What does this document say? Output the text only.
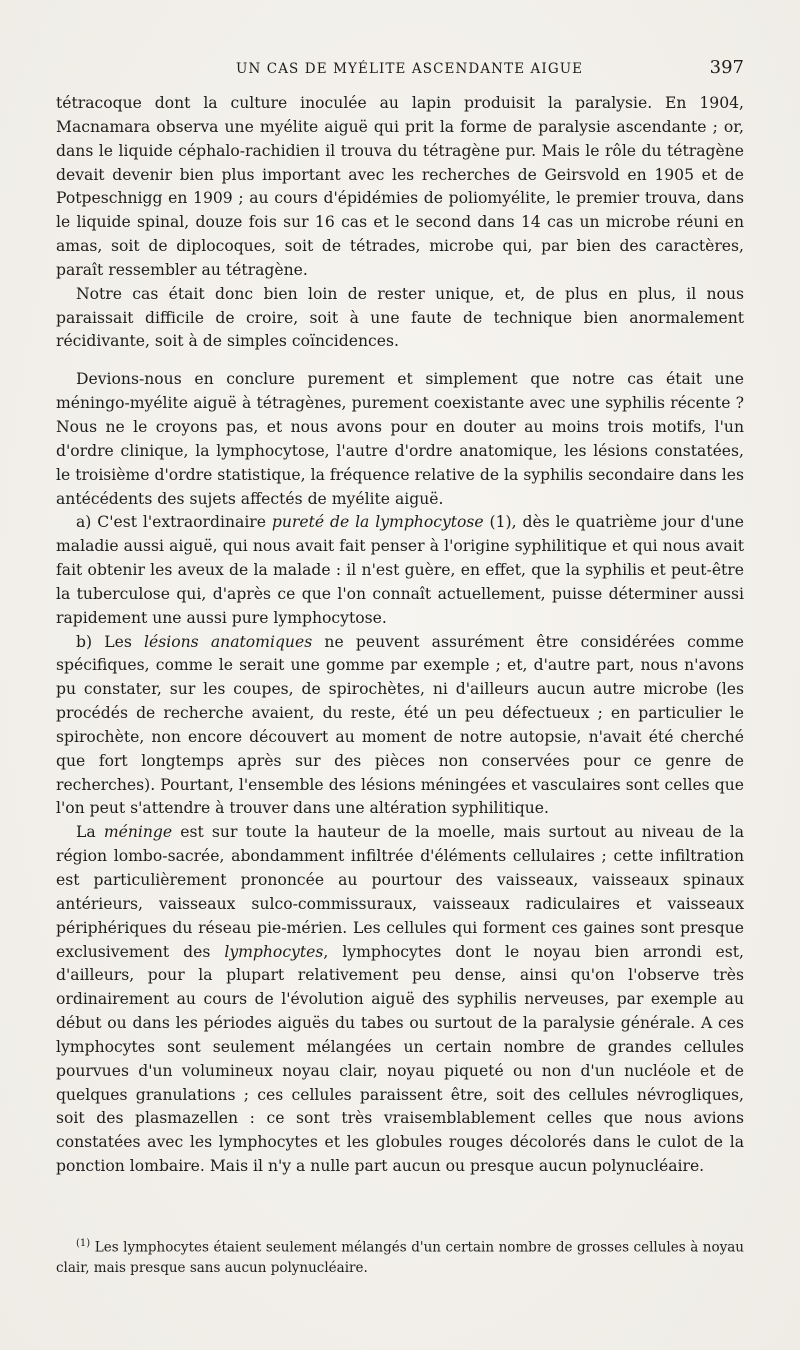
UN CAS DE MYÉLITE ASCENDANTE AIGUE	397

tétracoque dont la culture inoculée au lapin produisit la paralysie. En 1904, Macnamara observa une myélite aiguë qui prit la forme de paralysie ascendante ; or, dans le liquide céphalo-rachidien il trouva du tétragène pur. Mais le rôle du tétragène devait devenir bien plus important avec les recherches de Geirsvold en 1905 et de Potpeschnigg en 1909 ; au cours d'épidémies de poliomyélite, le premier trouva, dans le liquide spinal, douze fois sur 16 cas et le second dans 14 cas un microbe réuni en amas, soit de diplocoques, soit de tétrades, microbe qui, par bien des caractères, paraît ressembler au tétragène.

Notre cas était donc bien loin de rester unique, et, de plus en plus, il nous paraissait difficile de croire, soit à une faute de technique bien anormalement récidivante, soit à de simples coïncidences.

Devions-nous en conclure purement et simplement que notre cas était une méningo-myélite aiguë à tétragènes, purement coexistante avec une syphilis récente ? Nous ne le croyons pas, et nous avons pour en douter au moins trois motifs, l'un d'ordre clinique, la lymphocytose, l'autre d'ordre anatomique, les lésions constatées, le troisième d'ordre statistique, la fréquence relative de la syphilis secondaire dans les antécédents des sujets affectés de myélite aiguë.

a) C'est l'extraordinaire pureté de la lymphocytose (1), dès le quatrième jour d'une maladie aussi aiguë, qui nous avait fait penser à l'origine syphilitique et qui nous avait fait obtenir les aveux de la malade : il n'est guère, en effet, que la syphilis et peut-être la tuberculose qui, d'après ce que l'on connaît actuellement, puisse déterminer aussi rapidement une aussi pure lymphocytose.

b) Les lésions anatomiques ne peuvent assurément être considérées comme spécifiques, comme le serait une gomme par exemple ; et, d'autre part, nous n'avons pu constater, sur les coupes, de spirochètes, ni d'ailleurs aucun autre microbe (les procédés de recherche avaient, du reste, été un peu défectueux ; en particulier le spirochète, non encore découvert au moment de notre autopsie, n'avait été cherché que fort longtemps après sur des pièces non conservées pour ce genre de recherches). Pourtant, l'ensemble des lésions méningées et vasculaires sont celles que l'on peut s'attendre à trouver dans une altération syphilitique.

La méninge est sur toute la hauteur de la moelle, mais surtout au niveau de la région lombo-sacrée, abondamment infiltrée d'éléments cellulaires ; cette infiltration est particulièrement prononcée au pourtour des vaisseaux, vaisseaux spinaux antérieurs, vaisseaux sulco-commissuraux, vaisseaux radiculaires et vaisseaux périphériques du réseau pie-mérien. Les cellules qui forment ces gaines sont presque exclusivement des lymphocytes, lymphocytes dont le noyau bien arrondi est, d'ailleurs, pour la plupart relativement peu dense, ainsi qu'on l'observe très ordinairement au cours de l'évolution aiguë des syphilis nerveuses, par exemple au début ou dans les périodes aiguës du tabes ou surtout de la paralysie générale. A ces lymphocytes sont seulement mélangées un certain nombre de grandes cellules pourvues d'un volumineux noyau clair, noyau piqueté ou non d'un nucléole et de quelques granulations ; ces cellules paraissent être, soit des cellules névrogliques, soit des plasmazellen : ce sont très vraisemblablement celles que nous avions constatées avec les lymphocytes et les globules rouges décolorés dans le culot de la ponction lombaire. Mais il n'y a nulle part aucun ou presque aucun polynucléaire.

$^{(1)}$ Les lymphocytes étaient seulement mélangés d'un certain nombre de grosses cellules à noyau clair, mais presque sans aucun polynucléaire.
